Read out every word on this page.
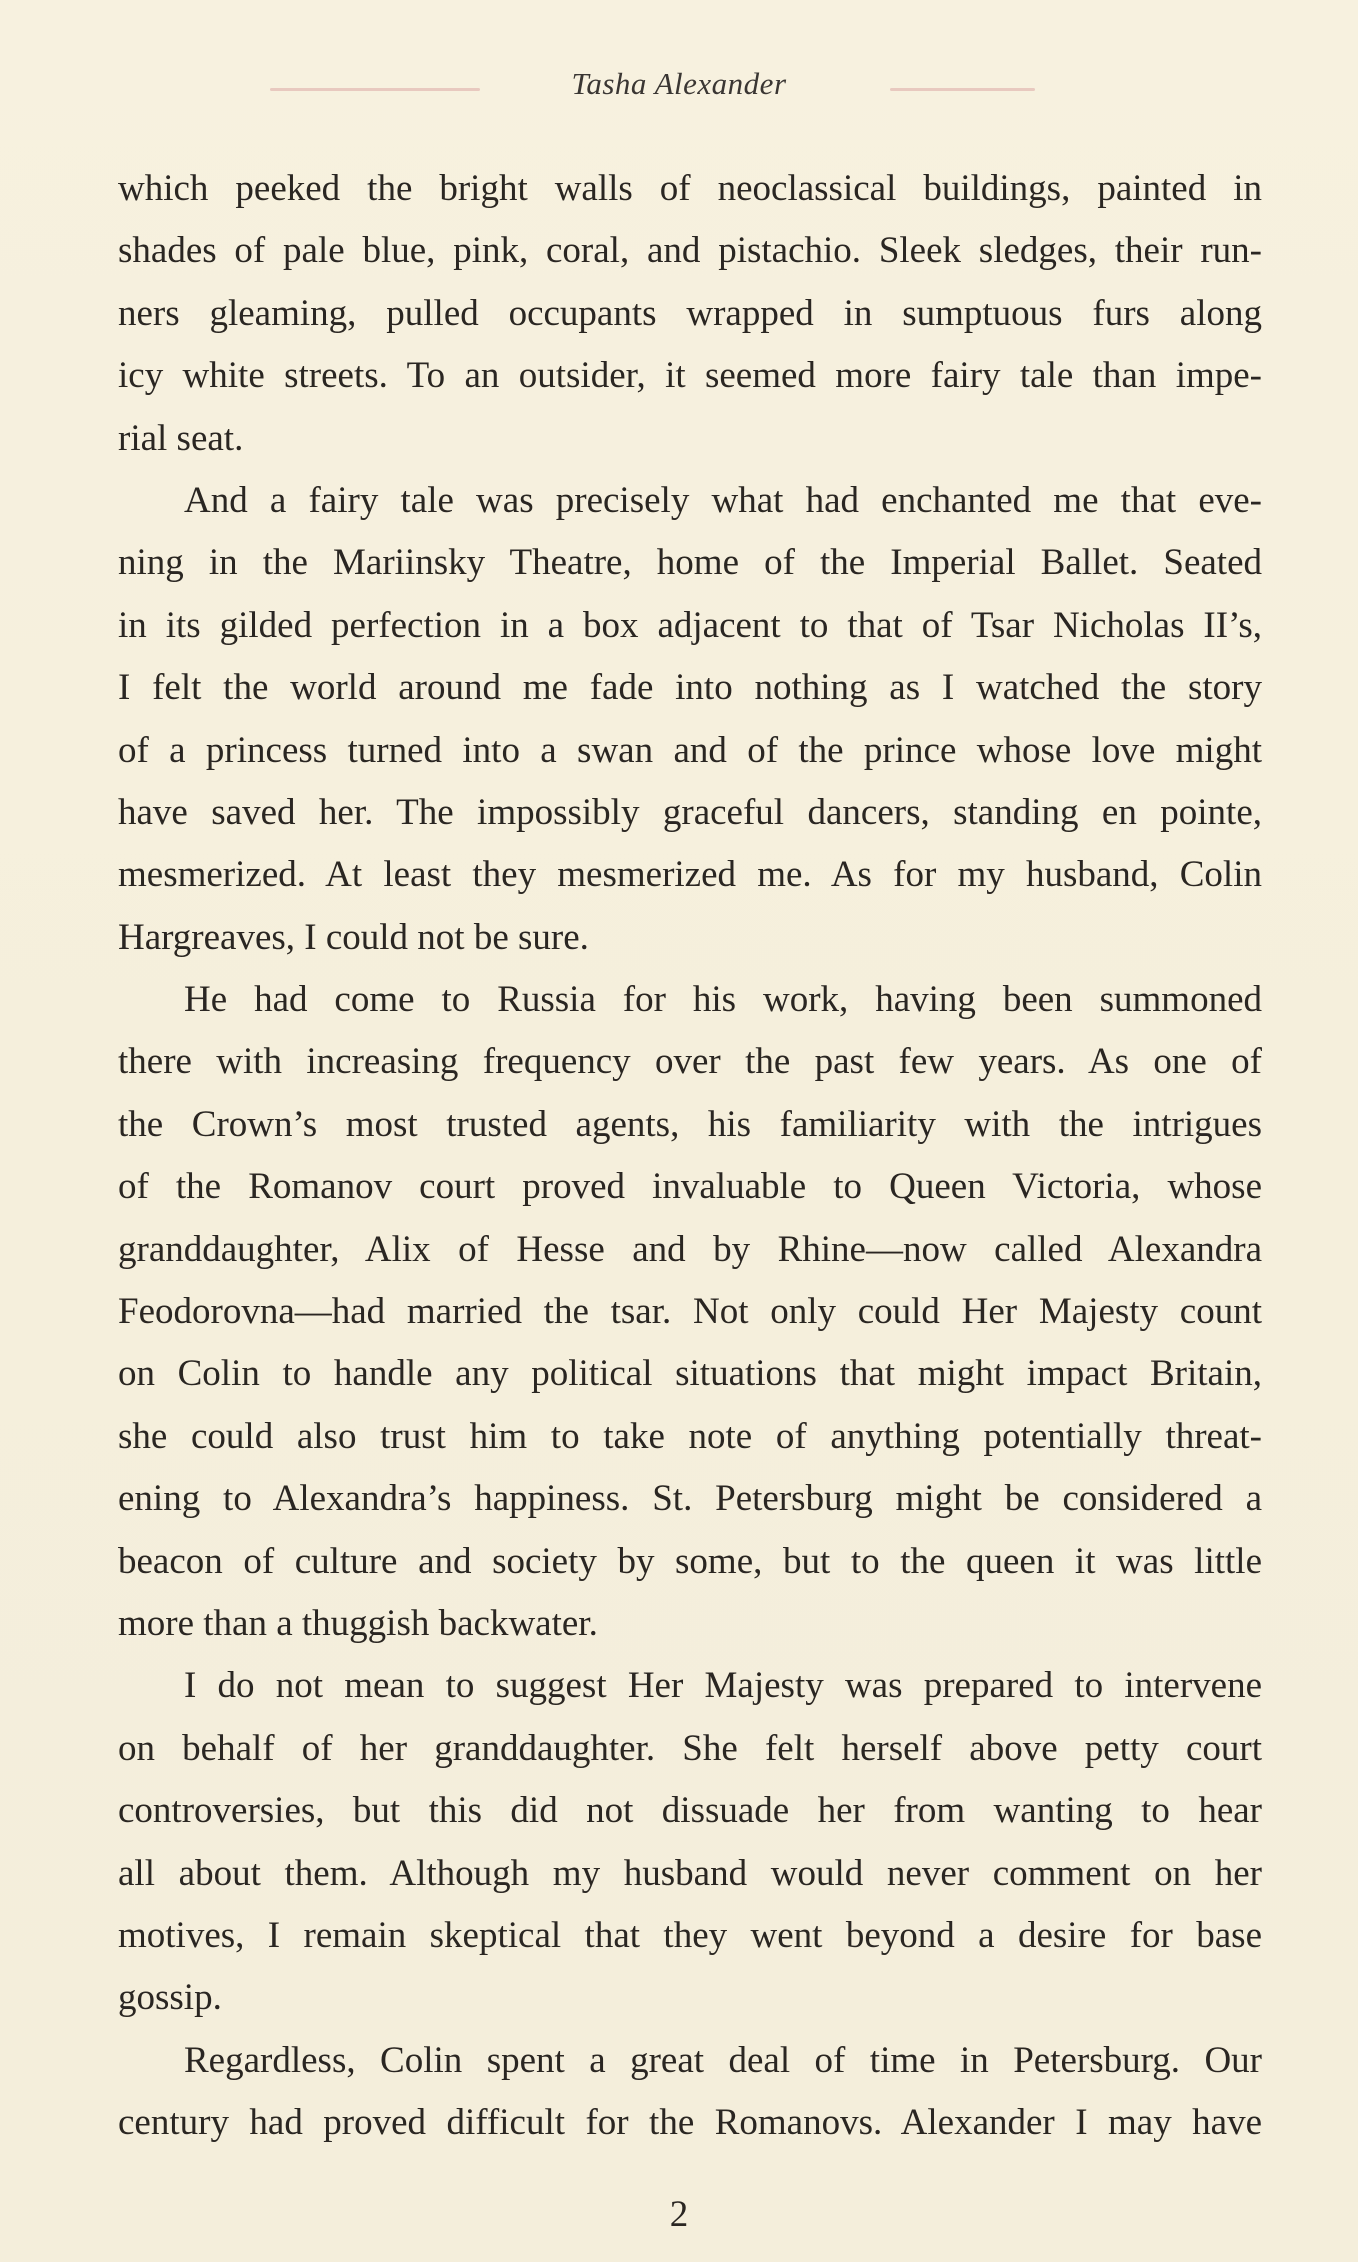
Tasha Alexander
which peeked the bright walls of neoclassical buildings, painted in
shades of pale blue, pink, coral, and pistachio. Sleek sledges, their run-
ners gleaming, pulled occupants wrapped in sumptuous furs along
icy white streets. To an outsider, it seemed more fairy tale than impe-
rial seat.
And a fairy tale was precisely what had enchanted me that eve-
ning in the Mariinsky Theatre, home of the Imperial Ballet. Seated
in its gilded perfection in a box adjacent to that of Tsar Nicholas II’s,
I felt the world around me fade into nothing as I watched the story
of a princess turned into a swan and of the prince whose love might
have saved her. The impossibly graceful dancers, standing en pointe,
mesmerized. At least they mesmerized me. As for my husband, Colin
Hargreaves, I could not be sure.
He had come to Russia for his work, having been summoned
there with increasing frequency over the past few years. As one of
the Crown’s most trusted agents, his familiarity with the intrigues
of the Romanov court proved invaluable to Queen Victoria, whose
granddaughter, Alix of Hesse and by Rhine—now called Alexandra
Feodorovna—had married the tsar. Not only could Her Majesty count
on Colin to handle any political situations that might impact Britain,
she could also trust him to take note of anything potentially threat-
ening to Alexandra’s happiness. St. Petersburg might be considered a
beacon of culture and society by some, but to the queen it was little
more than a thuggish backwater.
I do not mean to suggest Her Majesty was prepared to intervene
on behalf of her granddaughter. She felt herself above petty court
controversies, but this did not dissuade her from wanting to hear
all about them. Although my husband would never comment on her
motives, I remain skeptical that they went beyond a desire for base
gossip.
Regardless, Colin spent a great deal of time in Petersburg. Our
century had proved difficult for the Romanovs. Alexander I may have
2
